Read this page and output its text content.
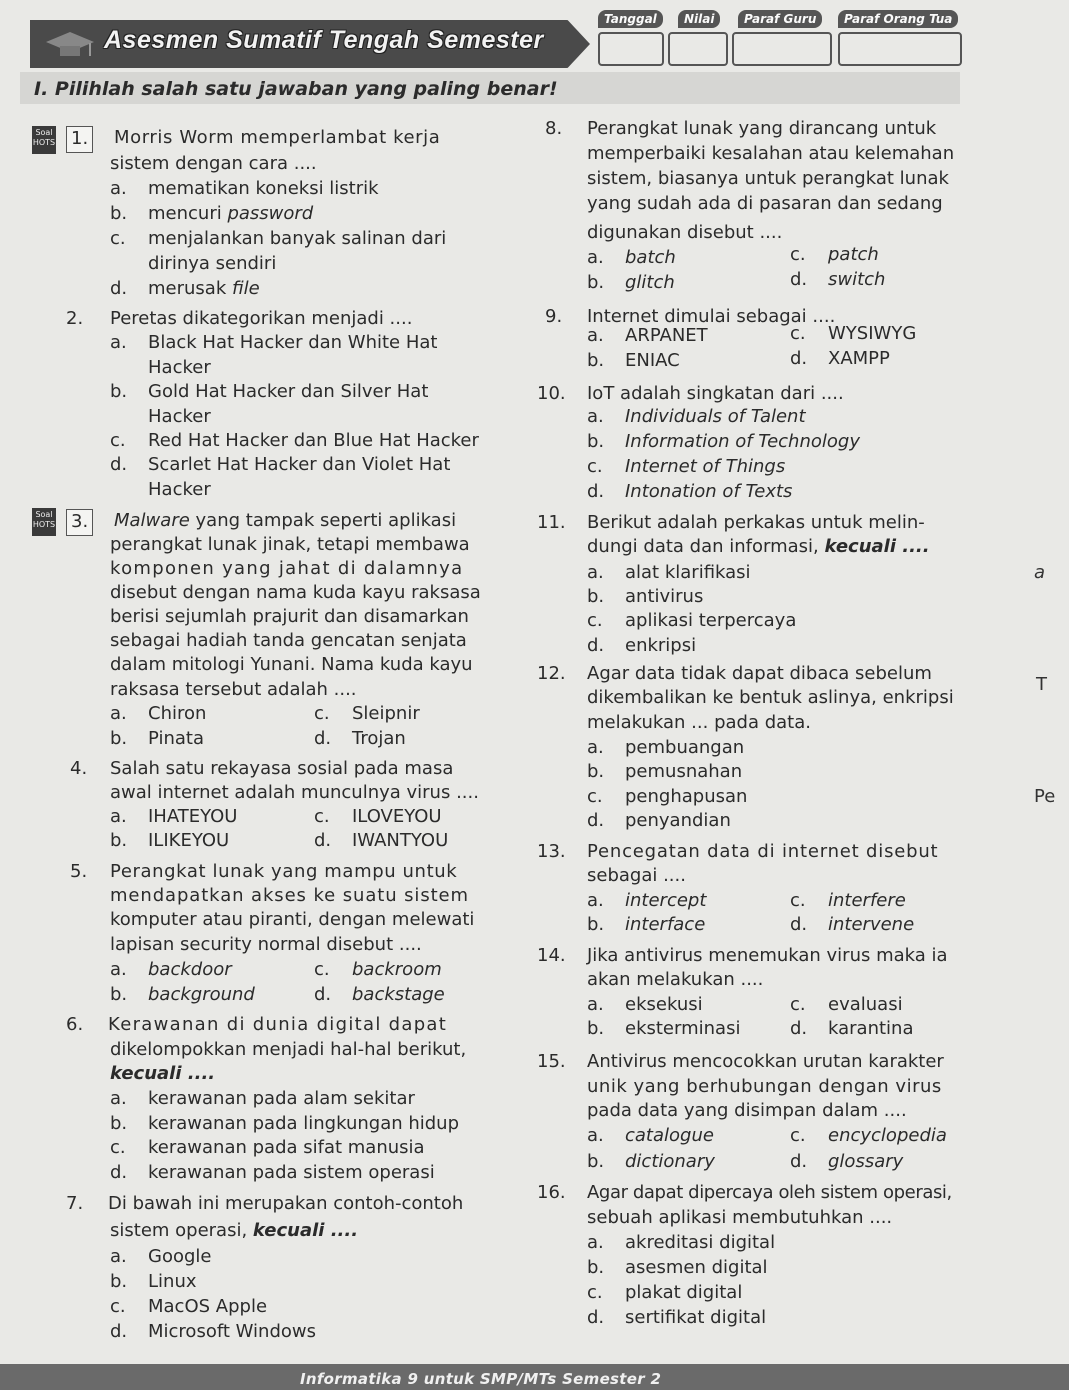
Asesmen Sumatif Tengah Semester
Tanggal	Nilai	Paraf Guru	Paraf Orang Tua
I. Pilihlah salah satu jawaban yang paling benar!
Soal HOTS
Soal HOTS
1. Morris Worm memperlambat kerja
sistem dengan cara ....
a. mematikan koneksi listrik
b. mencuri password
c. menjalankan banyak salinan dari
dirinya sendiri
d. merusak file
2. Peretas dikategorikan menjadi ....
a. Black Hat Hacker dan White Hat
Hacker
b. Gold Hat Hacker dan Silver Hat
Hacker
c. Red Hat Hacker dan Blue Hat Hacker
d. Scarlet Hat Hacker dan Violet Hat
Hacker
3. Malware yang tampak seperti aplikasi
perangkat lunak jinak, tetapi membawa
komponen yang jahat di dalamnya
disebut dengan nama kuda kayu raksasa
berisi sejumlah prajurit dan disamarkan
sebagai hadiah tanda gencatan senjata
dalam mitologi Yunani. Nama kuda kayu
raksasa tersebut adalah ....
a. Chiron	c. Sleipnir
b. Pinata	d. Trojan
4. Salah satu rekayasa sosial pada masa
awal internet adalah munculnya virus ....
a. IHATEYOU	c. ILOVEYOU
b. ILIKEYOU	d. IWANTYOU
5. Perangkat lunak yang mampu untuk
mendapatkan akses ke suatu sistem
komputer atau piranti, dengan melewati
lapisan security normal disebut ....
a. backdoor	c. backroom
b. background	d. backstage
6. Kerawanan di dunia digital dapat
dikelompokkan menjadi hal-hal berikut,
kecuali ....
a. kerawanan pada alam sekitar
b. kerawanan pada lingkungan hidup
c. kerawanan pada sifat manusia
d. kerawanan pada sistem operasi
7. Di bawah ini merupakan contoh-contoh
sistem operasi, kecuali ....
a. Google
b. Linux
c. MacOS Apple
d. Microsoft Windows
8. Perangkat lunak yang dirancang untuk
memperbaiki kesalahan atau kelemahan
sistem, biasanya untuk perangkat lunak
yang sudah ada di pasaran dan sedang
digunakan disebut ....
a. batch	c. patch
b. glitch	d. switch
9. Internet dimulai sebagai ....
a. ARPANET	c. WYSIWYG
b. ENIAC	d. XAMPP
10. IoT adalah singkatan dari ....
a. Individuals of Talent
b. Information of Technology
c. Internet of Things
d. Intonation of Texts
11. Berikut adalah perkakas untuk melin-
dungi data dan informasi, kecuali ....
a. alat klarifikasi
b. antivirus
c. aplikasi terpercaya
d. enkripsi
12. Agar data tidak dapat dibaca sebelum
dikembalikan ke bentuk aslinya, enkripsi
melakukan ... pada data.
a. pembuangan
b. pemusnahan
c. penghapusan
d. penyandian
13. Pencegatan data di internet disebut
sebagai ....
a. intercept	c. interfere
b. interface	d. intervene
14. Jika antivirus menemukan virus maka ia
akan melakukan ....
a. eksekusi	c. evaluasi
b. eksterminasi	d. karantina
15. Antivirus mencocokkan urutan karakter
unik yang berhubungan dengan virus
pada data yang disimpan dalam ....
a. catalogue	c. encyclopedia
b. dictionary	d. glossary
16. Agar dapat dipercaya oleh sistem operasi,
sebuah aplikasi membutuhkan ....
a. akreditasi digital
b. asesmen digital
c. plakat digital
d. sertifikat digital
a
T
Pe
Informatika 9 untuk SMP/MTs Semester 2
